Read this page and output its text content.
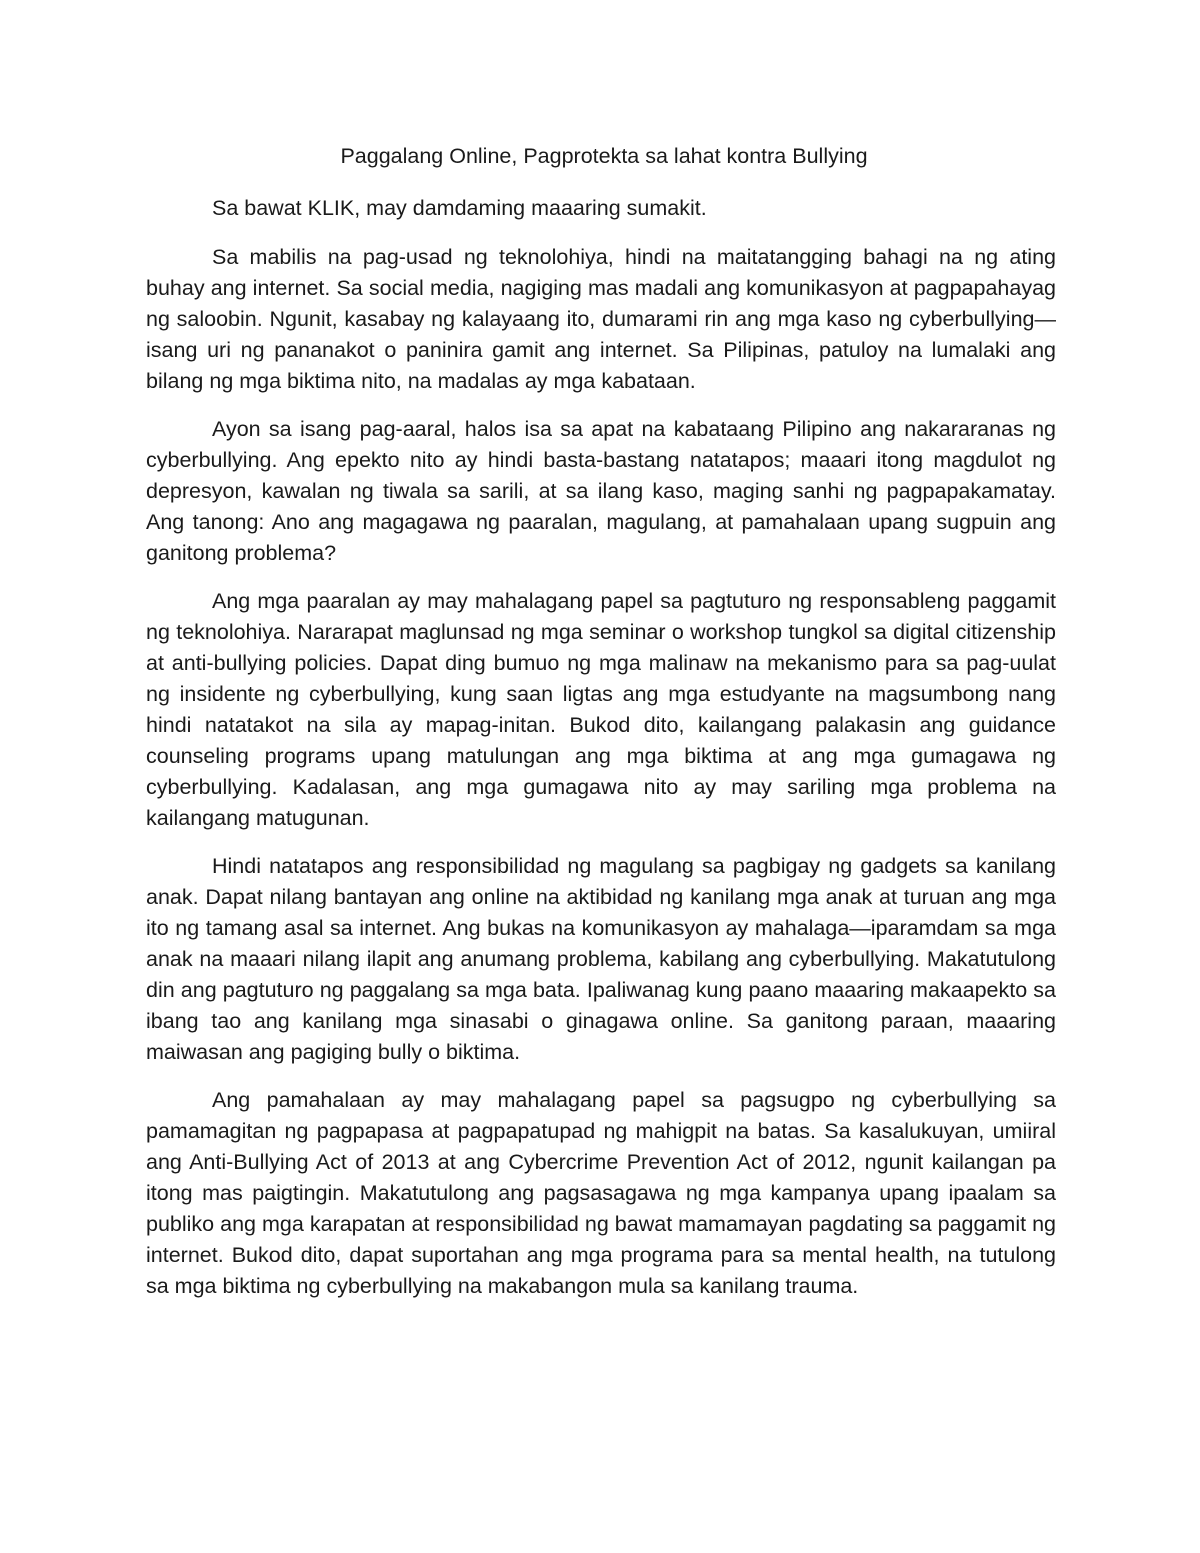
Paggalang Online, Pagprotekta sa lahat kontra Bullying

Sa bawat KLIK, may damdaming maaaring sumakit.

Sa mabilis na pag-usad ng teknolohiya, hindi na maitatangging bahagi na ng ating buhay ang internet. Sa social media, nagiging mas madali ang komunikasyon at pagpapahayag ng saloobin. Ngunit, kasabay ng kalayaang ito, dumarami rin ang mga kaso ng cyberbullying—isang uri ng pananakot o paninira gamit ang internet. Sa Pilipinas, patuloy na lumalaki ang bilang ng mga biktima nito, na madalas ay mga kabataan.

Ayon sa isang pag-aaral, halos isa sa apat na kabataang Pilipino ang nakararanas ng cyberbullying. Ang epekto nito ay hindi basta-bastang natatapos; maaari itong magdulot ng depresyon, kawalan ng tiwala sa sarili, at sa ilang kaso, maging sanhi ng pagpapakamatay. Ang tanong: Ano ang magagawa ng paaralan, magulang, at pamahalaan upang sugpuin ang ganitong problema?

Ang mga paaralan ay may mahalagang papel sa pagtuturo ng responsableng paggamit ng teknolohiya. Nararapat maglunsad ng mga seminar o workshop tungkol sa digital citizenship at anti-bullying policies. Dapat ding bumuo ng mga malinaw na mekanismo para sa pag-uulat ng insidente ng cyberbullying, kung saan ligtas ang mga estudyante na magsumbong nang hindi natatakot na sila ay mapag-initan. Bukod dito, kailangang palakasin ang guidance counseling programs upang matulungan ang mga biktima at ang mga gumagawa ng cyberbullying. Kadalasan, ang mga gumagawa nito ay may sariling mga problema na kailangang matugunan.

Hindi natatapos ang responsibilidad ng magulang sa pagbigay ng gadgets sa kanilang anak. Dapat nilang bantayan ang online na aktibidad ng kanilang mga anak at turuan ang mga ito ng tamang asal sa internet. Ang bukas na komunikasyon ay mahalaga—iparamdam sa mga anak na maaari nilang ilapit ang anumang problema, kabilang ang cyberbullying. Makatutulong din ang pagtuturo ng paggalang sa mga bata. Ipaliwanag kung paano maaaring makaapekto sa ibang tao ang kanilang mga sinasabi o ginagawa online. Sa ganitong paraan, maaaring maiwasan ang pagiging bully o biktima.

Ang pamahalaan ay may mahalagang papel sa pagsugpo ng cyberbullying sa pamamagitan ng pagpapasa at pagpapatupad ng mahigpit na batas. Sa kasalukuyan, umiiral ang Anti-Bullying Act of 2013 at ang Cybercrime Prevention Act of 2012, ngunit kailangan pa itong mas paigtingin. Makatutulong ang pagsasagawa ng mga kampanya upang ipaalam sa publiko ang mga karapatan at responsibilidad ng bawat mamamayan pagdating sa paggamit ng internet. Bukod dito, dapat suportahan ang mga programa para sa mental health, na tutulong sa mga biktima ng cyberbullying na makabangon mula sa kanilang trauma.
